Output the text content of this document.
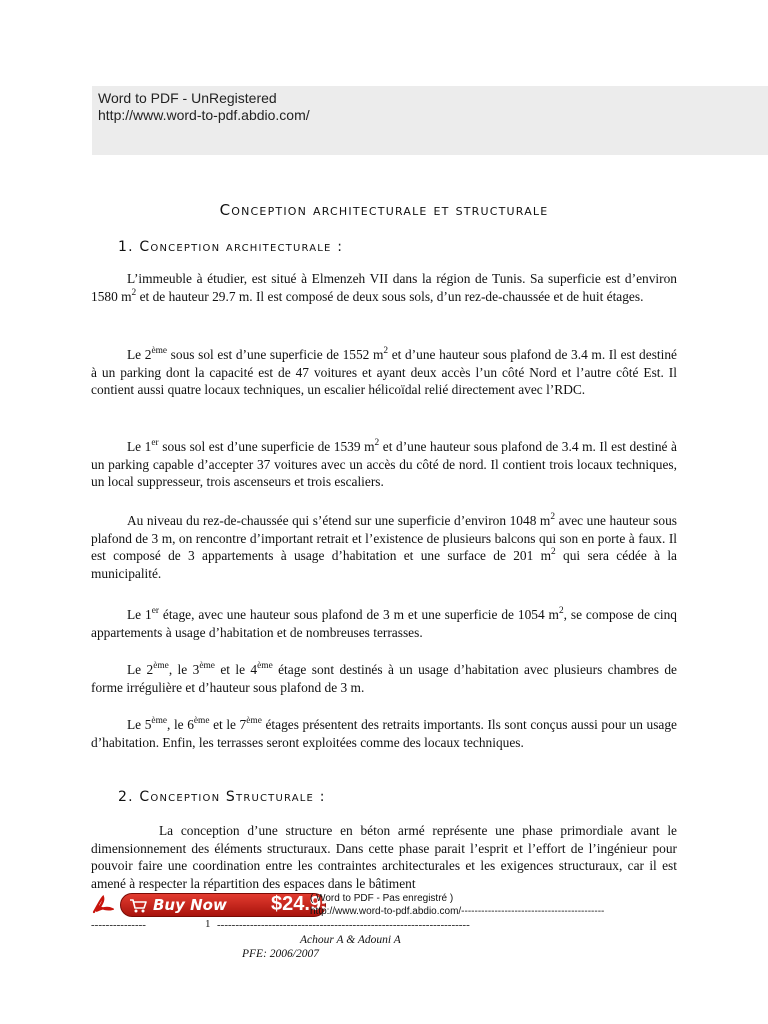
Word to PDF - UnRegistered
http://www.word-to-pdf.abdio.com/
Conception architecturale et structurale
1. Conception architecturale :

L’immeuble à étudier, est situé à Elmenzeh VII dans la région de Tunis. Sa superficie est d’environ 1580 $m^2$ et de hauteur 29.7 m. Il est composé de deux sous sols, d’un rez-de-chaussée et de huit étages.

Le 2ème sous sol est d’une superficie de 1552 $m^2$ et d’une hauteur sous plafond de 3.4 m. Il est destiné à un parking dont la capacité est de 47 voitures et ayant deux accès l’un côté Nord et l’autre côté Est. Il contient aussi quatre locaux techniques, un escalier hélicoïdal relié directement avec l’RDC.

Le 1er sous sol est d’une superficie de 1539 $m^2$ et d’une hauteur sous plafond de 3.4 m. Il est destiné à un parking capable d’accepter 37 voitures avec un accès du côté de nord. Il contient trois locaux techniques, un local suppresseur, trois ascenseurs et trois escaliers.

Au niveau du rez-de-chaussée qui s’étend sur une superficie d’environ 1048 $m^2$ avec une hauteur sous plafond de 3 m, on rencontre d’important retrait et l’existence de plusieurs balcons qui son en porte à faux. Il est composé de 3 appartements à usage d’habitation et une surface de 201 $m^2$ qui sera cédée à la municipalité.

Le 1er étage, avec une hauteur sous plafond de 3 m et une superficie de 1054 $m^2$, se compose de cinq appartements à usage d’habitation et de nombreuses terrasses.

Le 2ème, le 3ème et le 4ème étage sont destinés à un usage d’habitation avec plusieurs chambres de forme irrégulière et d’hauteur sous plafond de 3 m.

Le 5ème, le 6ème et le 7ème étages présentent des retraits importants. Ils sont conçus aussi pour un usage d’habitation. Enfin, les terrasses seront exploitées comme des locaux techniques.

2. Conception Structurale :

La conception d’une structure en béton armé représente une phase primordiale avant le dimensionnement des éléments structuraux. Dans cette phase parait l’esprit et l’effort de l’ingénieur pour pouvoir faire une coordination entre les contraintes architecturales et les exigences structuraux, car il est amené à respecter la répartition des espaces dans le bâtiment

Buy Now $24.95
( Word to PDF - Pas enregistré )
http://www.word-to-pdf.abdio.com/-------------------------------------------
---------------	1 ---------------------------------------------------------------------
Achour A & Adouni A
PFE: 2006/2007
